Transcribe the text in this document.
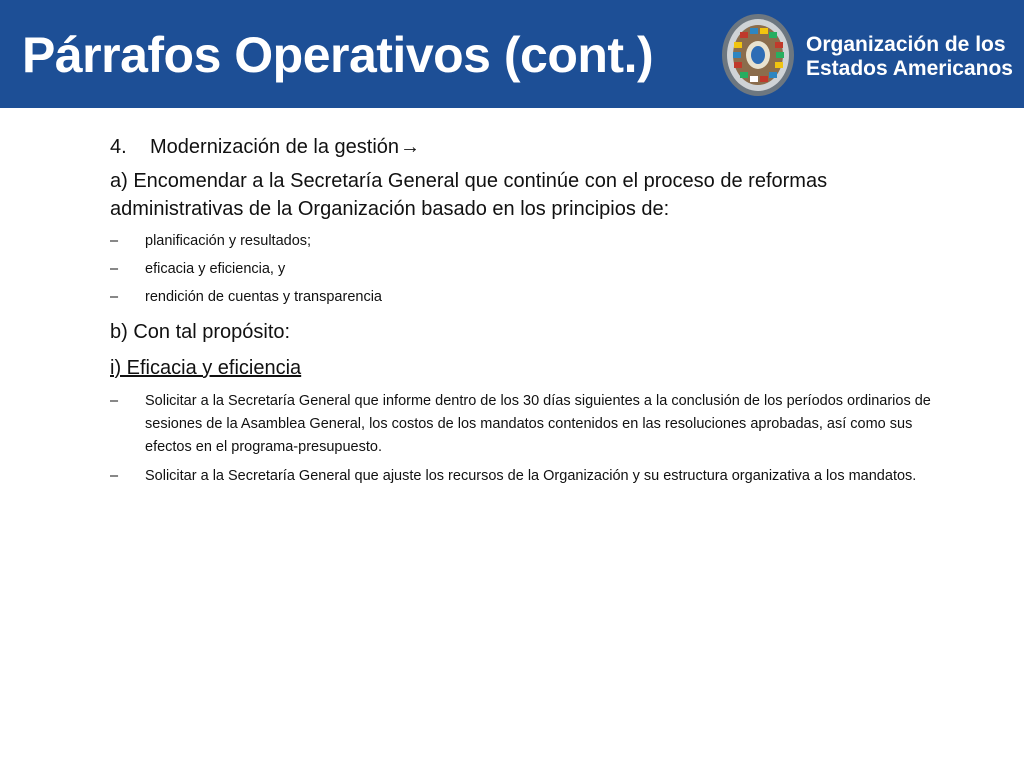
Párrafos Operativos (cont.)	Organización de los
Estados Americanos

4.	Modernización de la gestión →

a) Encomendar a la Secretaría General que continúe con el proceso de reformas administrativas de la Organización basado en los principios de:

– planificación y resultados;
– eficacia y eficiencia, y
– rendición de cuentas y transparencia

b) Con tal propósito:

i) Eficacia y eficiencia

– Solicitar a la Secretaría General que informe dentro de los 30 días siguientes a la conclusión de los períodos ordinarios de sesiones de la Asamblea General, los costos de los mandatos contenidos en las resoluciones aprobadas, así como sus efectos en el programa-presupuesto.
– Solicitar a la Secretaría General que ajuste los recursos de la Organización y su estructura organizativa a los mandatos.
